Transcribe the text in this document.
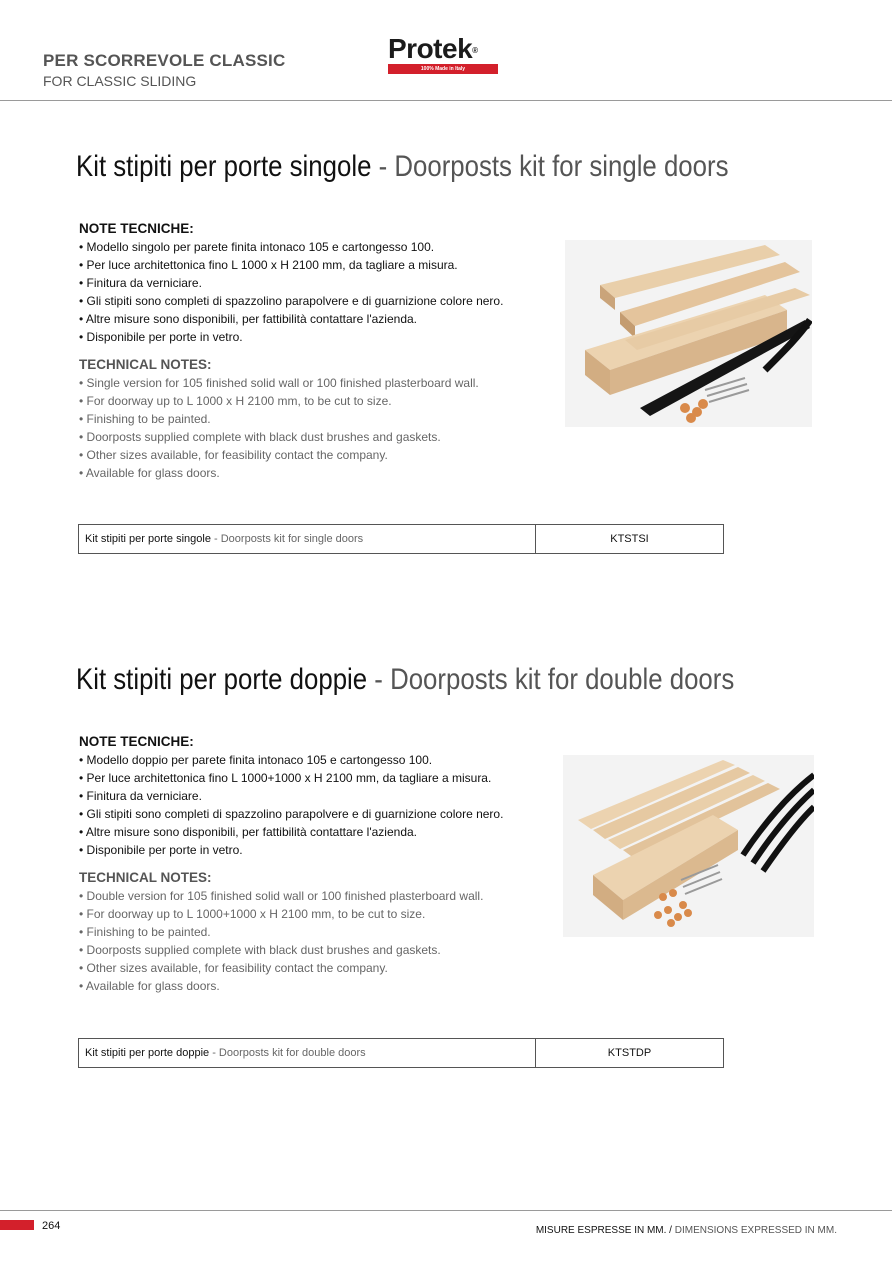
PER SCORREVOLE CLASSIC
FOR CLASSIC SLIDING
Protek®
100% Made in Italy
Kit stipiti per porte singole - Doorposts kit for single doors
NOTE TECNICHE:
• Modello singolo per parete finita intonaco 105 e cartongesso 100.
• Per luce architettonica fino L 1000 x H 2100 mm, da tagliare a misura.
• Finitura da verniciare.
• Gli stipiti sono completi di spazzolino parapolvere e di guarnizione colore nero.
• Altre misure sono disponibili, per fattibilità contattare l'azienda.
• Disponibile per porte in vetro.
TECHNICAL NOTES:
• Single version for 105 finished solid wall or 100 finished plasterboard wall.
• For doorway up to L 1000 x H 2100 mm, to be cut to size.
• Finishing to be painted.
• Doorposts supplied complete with black dust brushes and gaskets.
• Other sizes available, for feasibility contact the company.
• Available for glass doors.
Kit stipiti per porte singole - Doorposts kit for single doors	KTSTSI
Kit stipiti per porte doppie - Doorposts kit for double doors
NOTE TECNICHE:
• Modello doppio per parete finita intonaco 105 e cartongesso 100.
• Per luce architettonica fino L 1000+1000 x H 2100 mm, da tagliare a misura.
• Finitura da verniciare.
• Gli stipiti sono completi di spazzolino parapolvere e di guarnizione colore nero.
• Altre misure sono disponibili, per fattibilità contattare l'azienda.
• Disponibile per porte in vetro.
TECHNICAL NOTES:
• Double version for 105 finished solid wall or 100 finished plasterboard wall.
• For doorway up to L 1000+1000 x H 2100 mm, to be cut to size.
• Finishing to be painted.
• Doorposts supplied complete with black dust brushes and gaskets.
• Other sizes available, for feasibility contact the company.
• Available for glass doors.
Kit stipiti per porte doppie - Doorposts kit for double doors	KTSTDP
264	MISURE ESPRESSE IN MM. / DIMENSIONS EXPRESSED IN MM.
